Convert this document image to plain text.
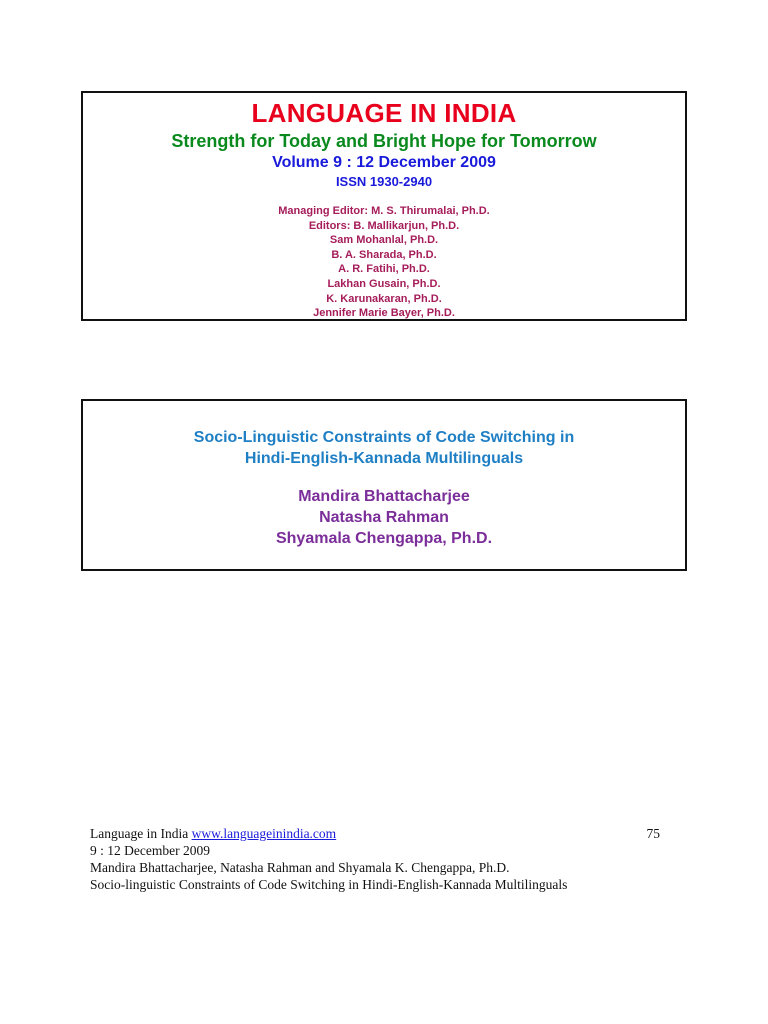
LANGUAGE IN INDIA
Strength for Today and Bright Hope for Tomorrow
Volume 9 : 12 December 2009
ISSN 1930-2940
Managing Editor: M. S. Thirumalai, Ph.D.
Editors: B. Mallikarjun, Ph.D.
Sam Mohanlal, Ph.D.
B. A. Sharada, Ph.D.
A. R. Fatihi, Ph.D.
Lakhan Gusain, Ph.D.
K. Karunakaran, Ph.D.
Jennifer Marie Bayer, Ph.D.
Socio-Linguistic Constraints of Code Switching in
Hindi-English-Kannada Multilinguals
Mandira Bhattacharjee
Natasha Rahman
Shyamala Chengappa, Ph.D.
Language in India www.languageinindia.com	75
9 : 12 December 2009
Mandira Bhattacharjee, Natasha Rahman and Shyamala K. Chengappa, Ph.D.
Socio-linguistic Constraints of Code Switching in Hindi-English-Kannada Multilinguals
